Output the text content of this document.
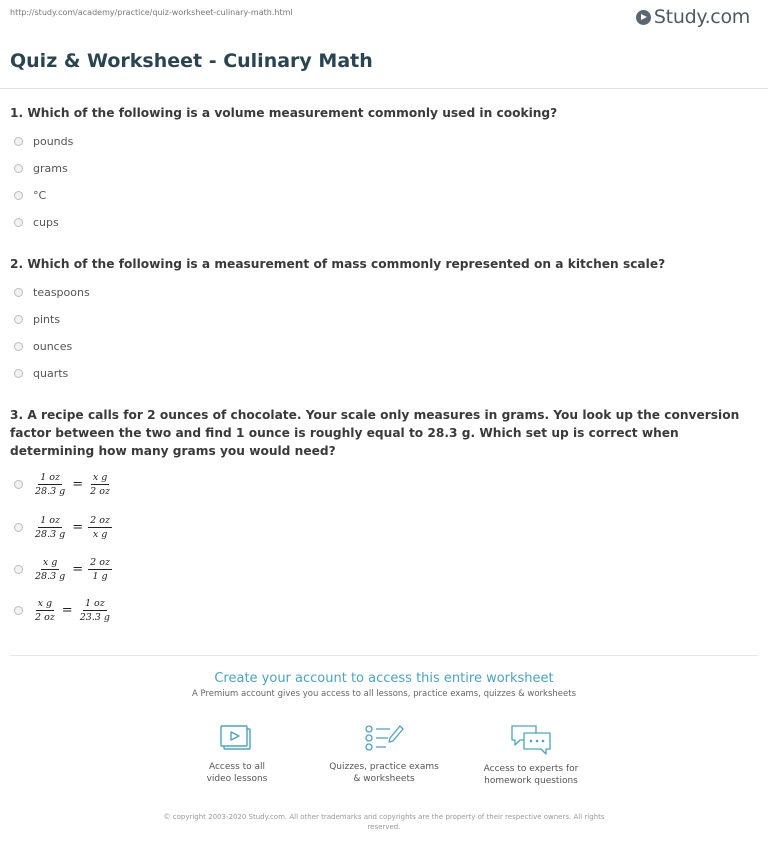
http://study.com/academy/practice/quiz-worksheet-culinary-math.html	Study.com
Quiz & Worksheet - Culinary Math

1. Which of the following is a volume measurement commonly used in cooking?

pounds
grams
°C
cups

2. Which of the following is a measurement of mass commonly represented on a kitchen scale?

teaspoons
pints
ounces
quarts

3. A recipe calls for 2 ounces of chocolate. Your scale only measures in grams. You look up the conversion factor between the two and find 1 ounce is roughly equal to 28.3 g. Which set up is correct when determining how many grams you would need?

$\frac{1 oz}{28.3 g} = \frac{\text{x g}}{2 oz}$
$\frac{1 oz}{28.3 g} = \frac{2 oz}{\text{x g}}$
$\frac{\text{x g}}{28.3 g} = \frac{2 oz}{1 g}$
$\frac{\text{x g}}{2 oz} = \frac{1 oz}{23.3 g}$
Create your account to access this entire worksheet
A Premium account gives you access to all lessons, practice exams, quizzes & worksheets
Access to all
video lessons
Quizzes, practice exams
& worksheets
Access to experts for
homework questions
© copyright 2003-2020 Study.com. All other trademarks and copyrights are the property of their respective owners. All rights
reserved.
